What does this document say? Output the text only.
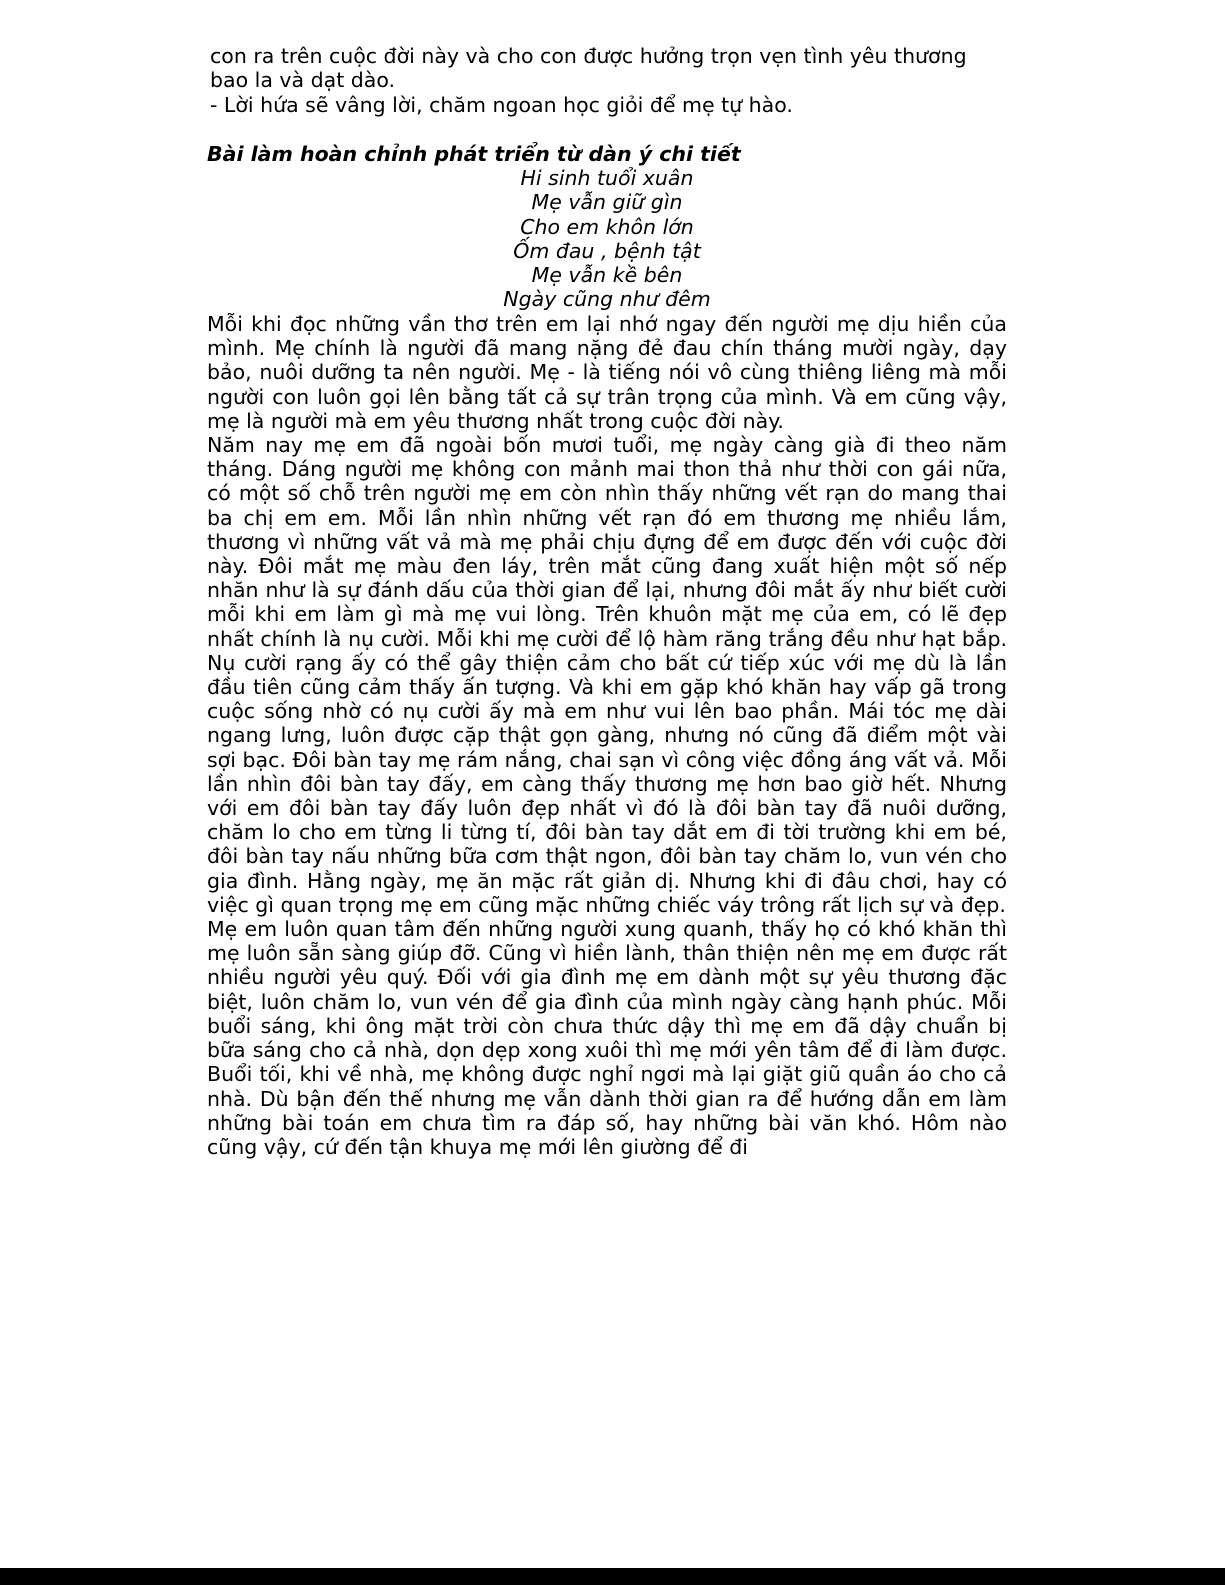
con ra trên cuộc đời này và cho con được hưởng trọn vẹn tình yêu thương bao la và dạt dào.

- Lời hứa sẽ vâng lời, chăm ngoan học giỏi để mẹ tự hào.

Bài làm hoàn chỉnh phát triển từ dàn ý chi tiết
Hi sinh tuổi xuân
Mẹ vẫn giữ gìn
Cho em khôn lớn
Ốm đau , bệnh tật
Mẹ vẫn kề bên
Ngày cũng như đêm

Mỗi khi đọc những vần thơ trên em lại nhớ ngay đến người mẹ dịu hiền của mình. Mẹ chính là người đã mang nặng đẻ đau chín tháng mười ngày, dạy bảo, nuôi dưỡng ta nên người. Mẹ - là tiếng nói vô cùng thiêng liêng mà mỗi người con luôn gọi lên bằng tất cả sự trân trọng của mình. Và em cũng vậy, mẹ là người mà em yêu thương nhất trong cuộc đời này.

Năm nay mẹ em đã ngoài bốn mươi tuổi, mẹ ngày càng già đi theo năm tháng. Dáng người mẹ không con mảnh mai thon thả như thời con gái nữa, có một số chỗ trên người mẹ em còn nhìn thấy những vết rạn do mang thai ba chị em em. Mỗi lần nhìn những vết rạn đó em thương mẹ nhiều lắm, thương vì những vất vả mà mẹ phải chịu đựng để em được đến với cuộc đời này. Đôi mắt mẹ màu đen láy, trên mắt cũng đang xuất hiện một số nếp nhăn như là sự đánh dấu của thời gian để lại, nhưng đôi mắt ấy như biết cười mỗi khi em làm gì mà mẹ vui lòng. Trên khuôn mặt mẹ của em, có lẽ đẹp nhất chính là nụ cười. Mỗi khi mẹ cười để lộ hàm răng trắng đều như hạt bắp. Nụ cười rạng ấy có thể gây thiện cảm cho bất cứ tiếp xúc với mẹ dù là lần đầu tiên cũng cảm thấy ấn tượng. Và khi em gặp khó khăn hay vấp gã trong cuộc sống nhờ có nụ cười ấy mà em như vui lên bao phần. Mái tóc mẹ dài ngang lưng, luôn được cặp thật gọn gàng, nhưng nó cũng đã điểm một vài sợi bạc. Đôi bàn tay mẹ rám nắng, chai sạn vì công việc đồng áng vất vả. Mỗi lần nhìn đôi bàn tay đấy, em càng thấy thương mẹ hơn bao giờ hết. Nhưng với em đôi bàn tay đấy luôn đẹp nhất vì đó là đôi bàn tay đã nuôi dưỡng, chăm lo cho em từng li từng tí, đôi bàn tay dắt em đi tời trường khi em bé, đôi bàn tay nấu những bữa cơm thật ngon, đôi bàn tay chăm lo, vun vén cho gia đình. Hằng ngày, mẹ ăn mặc rất giản dị. Nhưng khi đi đâu chơi, hay có việc gì quan trọng mẹ em cũng mặc những chiếc váy trông rất lịch sự và đẹp.

Mẹ em luôn quan tâm đến những người xung quanh, thấy họ có khó khăn thì mẹ luôn sẵn sàng giúp đỡ. Cũng vì hiền lành, thân thiện nên mẹ em được rất nhiều người yêu quý. Đối với gia đình mẹ em dành một sự yêu thương đặc biệt, luôn chăm lo, vun vén để gia đình của mình ngày càng hạnh phúc. Mỗi buổi sáng, khi ông mặt trời còn chưa thức dậy thì mẹ em đã dậy chuẩn bị bữa sáng cho cả nhà, dọn dẹp xong xuôi thì mẹ mới yên tâm để đi làm được. Buổi tối, khi về nhà, mẹ không được nghỉ ngơi mà lại giặt giũ quần áo cho cả nhà. Dù bận đến thế nhưng mẹ vẫn dành thời gian ra để hướng dẫn em làm những bài toán em chưa tìm ra đáp số, hay những bài văn khó. Hôm nào cũng vậy, cứ đến tận khuya mẹ mới lên giường để đi
